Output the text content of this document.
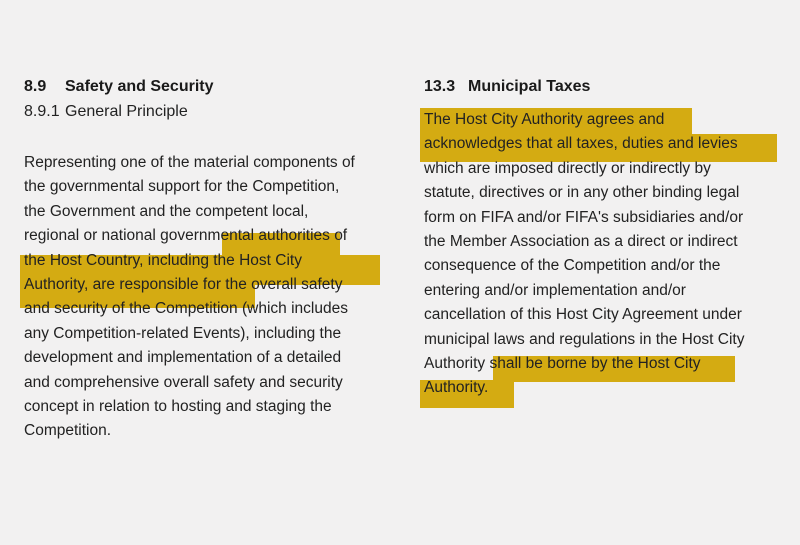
8.9 Safety and Security
8.9.1 General Principle
Representing one of the material components of
the governmental support for the Competition,
the Government and the competent local,
regional or national governmental authorities of
the Host Country, including the Host City
Authority, are responsible for the overall safety
and security of the Competition (which includes
any Competition-related Events), including the
development and implementation of a detailed
and comprehensive overall safety and security
concept in relation to hosting and staging the
Competition.
13.3 Municipal Taxes
The Host City Authority agrees and
acknowledges that all taxes, duties and levies
which are imposed directly or indirectly by
statute, directives or in any other binding legal
form on FIFA and/or FIFA's subsidiaries and/or
the Member Association as a direct or indirect
consequence of the Competition and/or the
entering and/or implementation and/or
cancellation of this Host City Agreement under
municipal laws and regulations in the Host City
Authority shall be borne by the Host City
Authority.
